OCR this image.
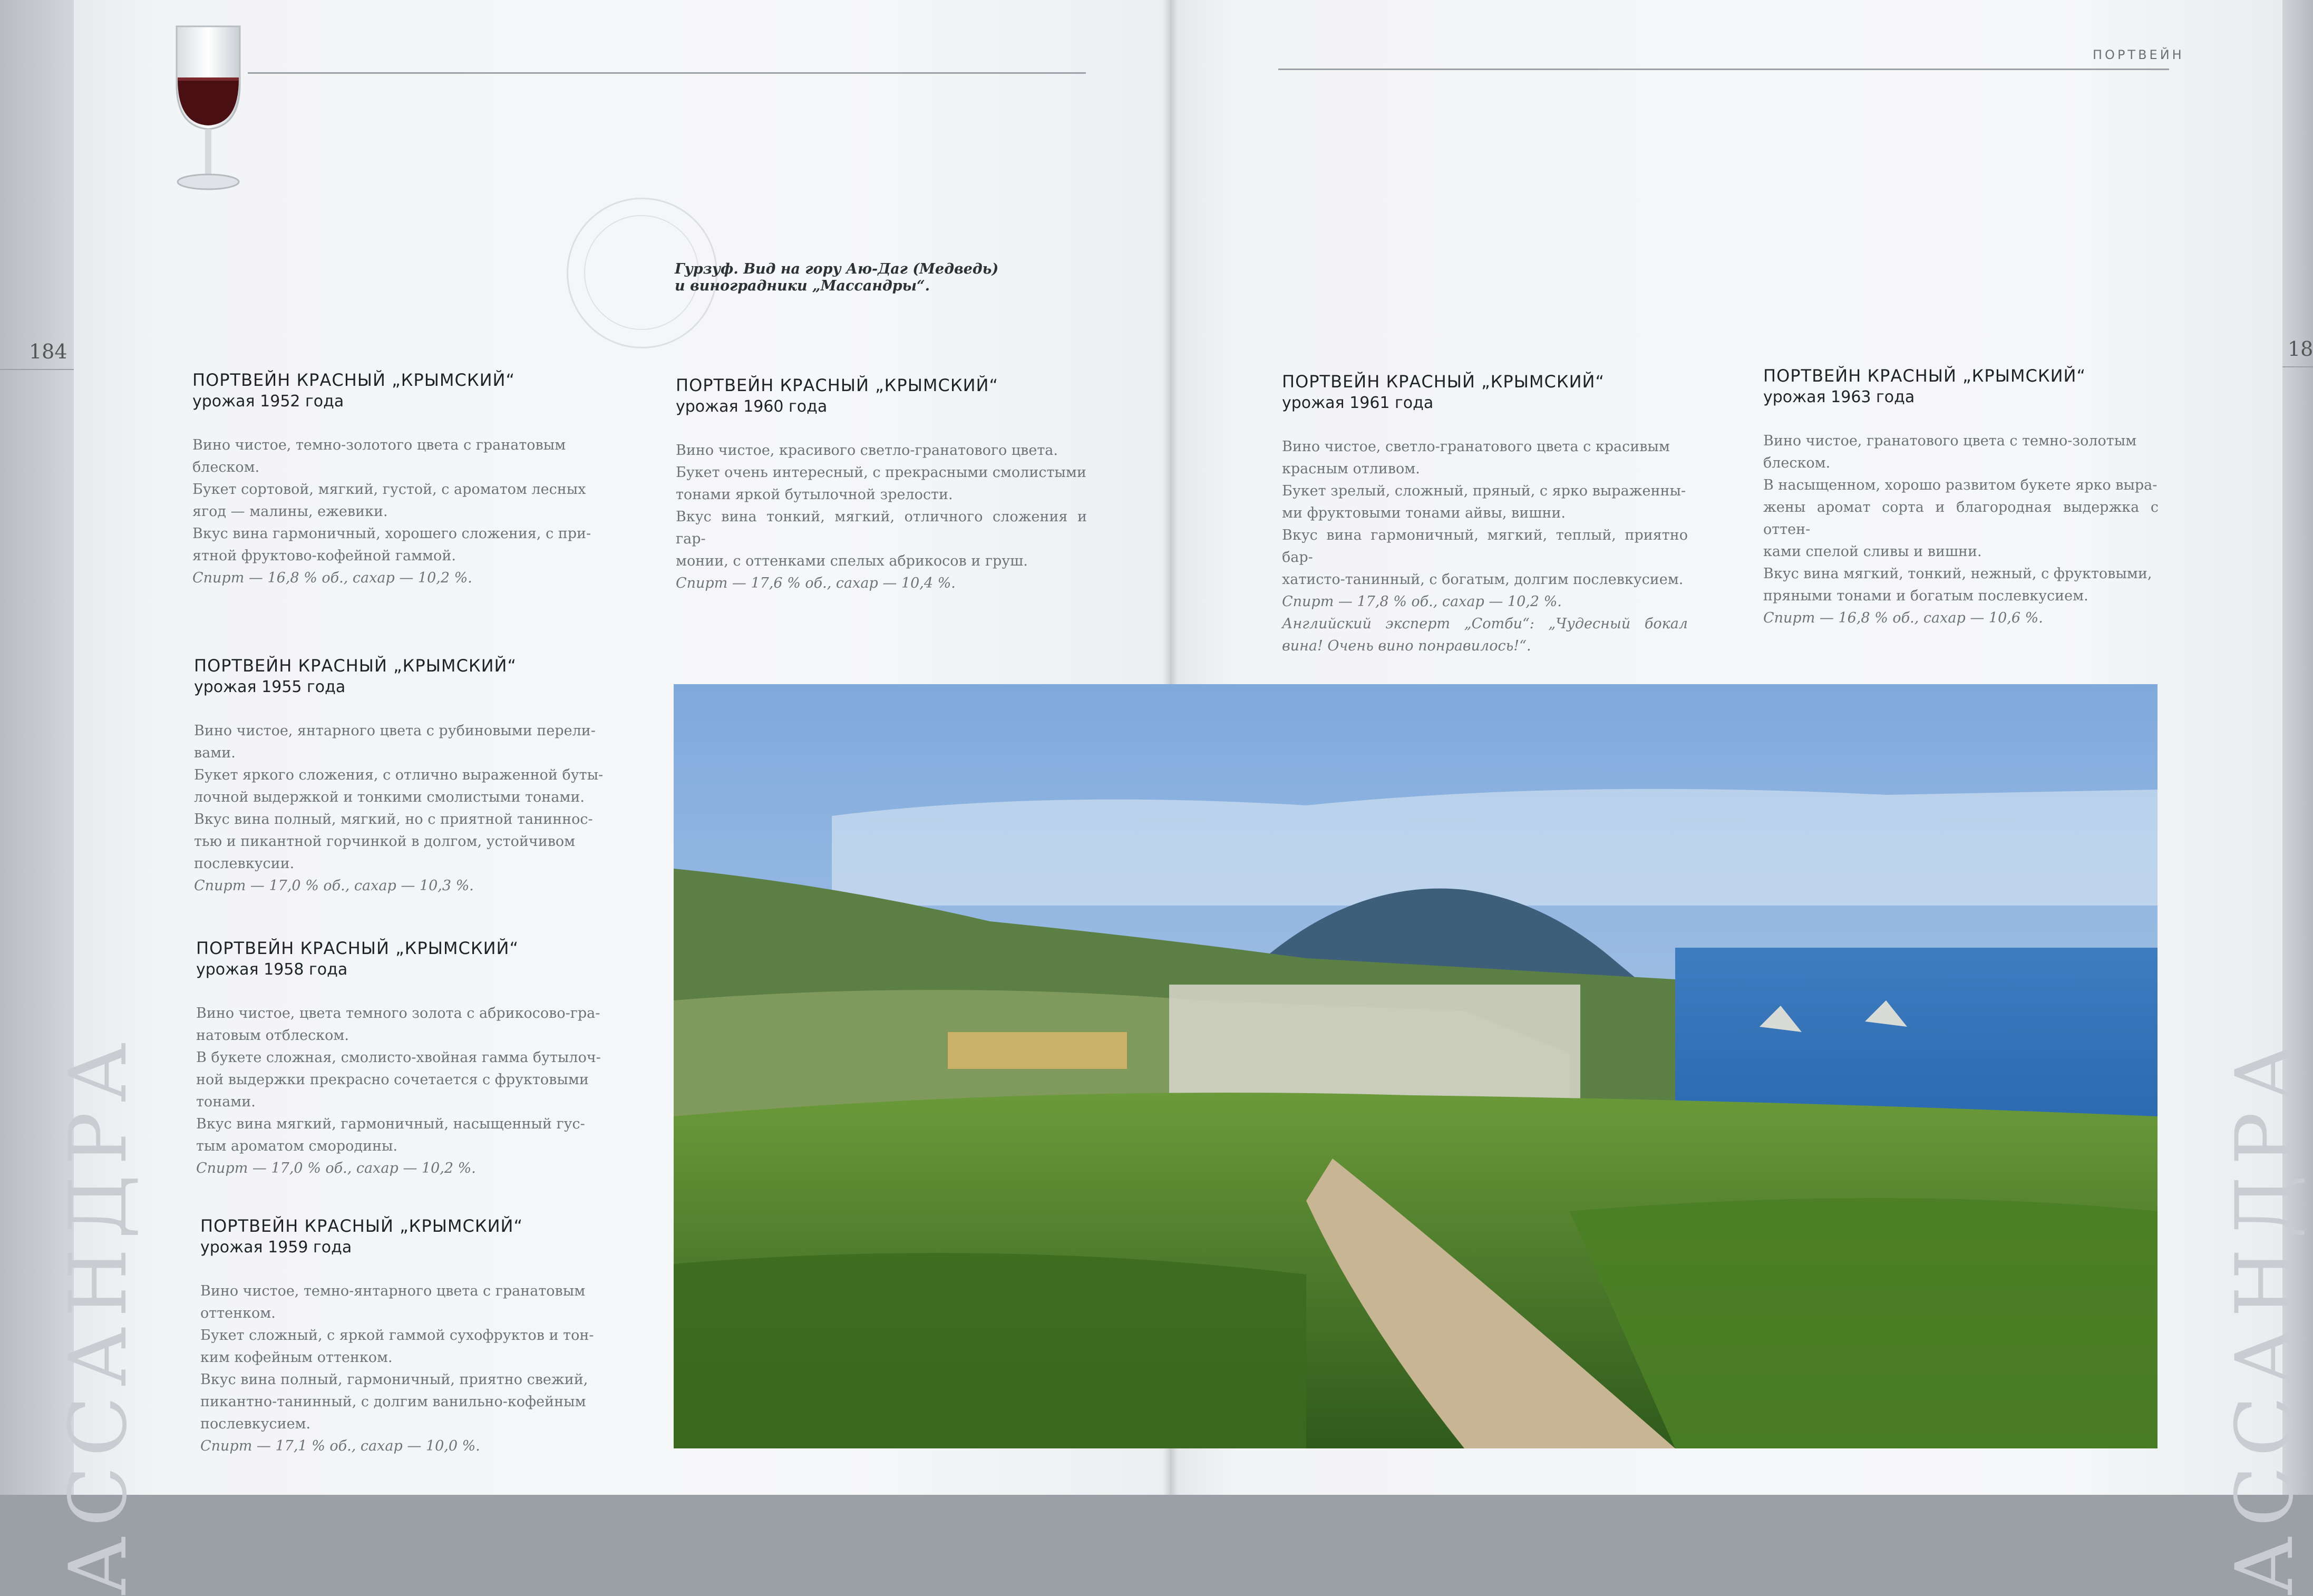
ПОРТВЕЙН
184	18
Гурзуф. Вид на гору Аю-Даг (Медведь)
и виноградники „Массандры“.
АССАНДРА	АССАНДРА
ПОРТВЕЙН КРАСНЫЙ „КРЫМСКИЙ“
урожая 1952 года

Вино чистое, темно-золотого цвета с гранатовым

блеском.

Букет сортовой, мягкий, густой, с ароматом лесных

ягод — малины, ежевики.

Вкус вина гармоничный, хорошего сложения, с при-

ятной фруктово-кофейной гаммой.

Спирт — 16,8 % об., сахар — 10,2 %.

ПОРТВЕЙН КРАСНЫЙ „КРЫМСКИЙ“
урожая 1955 года

Вино чистое, янтарного цвета с рубиновыми перели-

вами.

Букет яркого сложения, с отлично выраженной буты-

лочной выдержкой и тонкими смолистыми тонами.

Вкус вина полный, мягкий, но с приятной таниннос-

тью и пикантной горчинкой в долгом, устойчивом

послевкусии.

Спирт — 17,0 % об., сахар — 10,3 %.

ПОРТВЕЙН КРАСНЫЙ „КРЫМСКИЙ“
урожая 1958 года

Вино чистое, цвета темного золота с абрикосово-гра-

натовым отблеском.

В букете сложная, смолисто-хвойная гамма бутылоч-

ной выдержки прекрасно сочетается с фруктовыми

тонами.

Вкус вина мягкий, гармоничный, насыщенный гус-

тым ароматом смородины.

Спирт — 17,0 % об., сахар — 10,2 %.

ПОРТВЕЙН КРАСНЫЙ „КРЫМСКИЙ“
урожая 1959 года

Вино чистое, темно-янтарного цвета с гранатовым

оттенком.

Букет сложный, с яркой гаммой сухофруктов и тон-

ким кофейным оттенком.

Вкус вина полный, гармоничный, приятно свежий,

пикантно-танинный, с долгим ванильно-кофейным

послевкусием.

Спирт — 17,1 % об., сахар — 10,0 %.

ПОРТВЕЙН КРАСНЫЙ „КРЫМСКИЙ“
урожая 1960 года

Вино чистое, красивого светло-гранатового цвета.

Букет очень интересный, с прекрасными смолистыми

тонами яркой бутылочной зрелости.

Вкус вина тонкий, мягкий, отличного сложения и гар-

монии, с оттенками спелых абрикосов и груш.

Спирт — 17,6 % об., сахар — 10,4 %.

ПОРТВЕЙН КРАСНЫЙ „КРЫМСКИЙ“
урожая 1961 года

Вино чистое, светло-гранатового цвета с красивым

красным отливом.

Букет зрелый, сложный, пряный, с ярко выраженны-

ми фруктовыми тонами айвы, вишни.

Вкус вина гармоничный, мягкий, теплый, приятно бар-

хатисто-танинный, с богатым, долгим послевкусием.

Спирт — 17,8 % об., сахар — 10,2 %.

Английский эксперт „Сотби“: „Чудесный бокал вина! Очень вино понравилось!“.

ПОРТВЕЙН КРАСНЫЙ „КРЫМСКИЙ“
урожая 1963 года

Вино чистое, гранатового цвета с темно-золотым

блеском.

В насыщенном, хорошо развитом букете ярко выра-

жены аромат сорта и благородная выдержка с оттен-

ками спелой сливы и вишни.

Вкус вина мягкий, тонкий, нежный, с фруктовыми,

пряными тонами и богатым послевкусием.

Спирт — 16,8 % об., сахар — 10,6 %.
